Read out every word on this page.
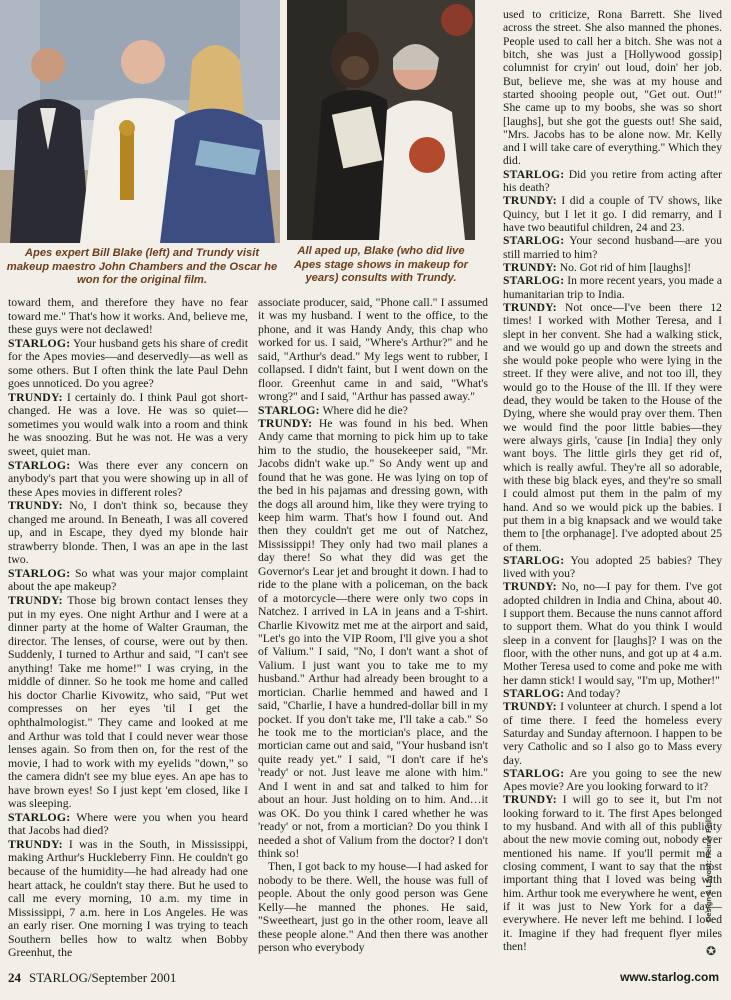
Apes expert Bill Blake (left) and Trundy visit makeup maestro John Chambers and the Oscar he won for the original film.
All aped up, Blake (who did live Apes stage shows in makeup for years) consults with Trundy.

toward them, and therefore they have no fear toward me." That's how it works. And, believe me, these guys were not declawed!

STARLOG: Your husband gets his share of credit for the Apes movies—and deservedly—as well as some others. But I often think the late Paul Dehn goes unnoticed. Do you agree?

TRUNDY: I certainly do. I think Paul got short-changed. He was a love. He was so quiet—sometimes you would walk into a room and think he was snoozing. But he was not. He was a very sweet, quiet man.

STARLOG: Was there ever any concern on anybody's part that you were showing up in all of these Apes movies in different roles?

TRUNDY: No, I don't think so, because they changed me around. In Beneath, I was all covered up, and in Escape, they dyed my blonde hair strawberry blonde. Then, I was an ape in the last two.

STARLOG: So what was your major complaint about the ape makeup?

TRUNDY: Those big brown contact lenses they put in my eyes. One night Arthur and I were at a dinner party at the home of Walter Grauman, the director. The lenses, of course, were out by then. Suddenly, I turned to Arthur and said, "I can't see anything! Take me home!" I was crying, in the middle of dinner. So he took me home and called his doctor Charlie Kivowitz, who said, "Put wet compresses on her eyes 'til I get the ophthalmologist." They came and looked at me and Arthur was told that I could never wear those lenses again. So from then on, for the rest of the movie, I had to work with my eyelids "down," so the camera didn't see my blue eyes. An ape has to have brown eyes! So I just kept 'em closed, like I was sleeping.

STARLOG: Where were you when you heard that Jacobs had died?

TRUNDY: I was in the South, in Mississippi, making Arthur's Huckleberry Finn. He couldn't go because of the humidity—he had already had one heart attack, he couldn't stay there. But he used to call me every morning, 10 a.m. my time in Mississippi, 7 a.m. here in Los Angeles. He was an early riser. One morning I was trying to teach Southern belles how to waltz when Bobby Greenhut, the

associate producer, said, "Phone call." I assumed it was my husband. I went to the office, to the phone, and it was Handy Andy, this chap who worked for us. I said, "Where's Arthur?" and he said, "Arthur's dead." My legs went to rubber, I collapsed. I didn't faint, but I went down on the floor. Greenhut came in and said, "What's wrong?" and I said, "Arthur has passed away."

STARLOG: Where did he die?

TRUNDY: He was found in his bed. When Andy came that morning to pick him up to take him to the studio, the housekeeper said, "Mr. Jacobs didn't wake up." So Andy went up and found that he was gone. He was lying on top of the bed in his pajamas and dressing gown, with the dogs all around him, like they were trying to keep him warm. That's how I found out. And then they couldn't get me out of Natchez, Mississippi! They only had two mail planes a day there! So what they did was get the Governor's Lear jet and brought it down. I had to ride to the plane with a policeman, on the back of a motorcycle—there were only two cops in Natchez. I arrived in LA in jeans and a T-shirt. Charlie Kivowitz met me at the airport and said, "Let's go into the VIP Room, I'll give you a shot of Valium." I said, "No, I don't want a shot of Valium. I just want you to take me to my husband." Arthur had already been brought to a mortician. Charlie hemmed and hawed and I said, "Charlie, I have a hundred-dollar bill in my pocket. If you don't take me, I'll take a cab." So he took me to the mortician's place, and the mortician came out and said, "Your husband isn't quite ready yet." I said, "I don't care if he's 'ready' or not. Just leave me alone with him." And I went in and sat and talked to him for about an hour. Just holding on to him. And…it was OK. Do you think I cared whether he was 'ready' or not, from a mortician? Do you think I needed a shot of Valium from the doctor? I don't think so!

Then, I got back to my house—I had asked for nobody to be there. Well, the house was full of people. About the only good person was Gene Kelly—he manned the phones. He said, "Sweetheart, just go in the other room, leave all these people alone." And then there was another person who everybody

used to criticize, Rona Barrett. She lived across the street. She also manned the phones. People used to call her a bitch. She was not a bitch, she was just a [Hollywood gossip] columnist for cryin' out loud, doin' her job. But, believe me, she was at my house and started shooing people out, "Get out. Out!" She came up to my boobs, she was so short [laughs], but she got the guests out! She said, "Mrs. Jacobs has to be alone now. Mr. Kelly and I will take care of everything." Which they did.

STARLOG: Did you retire from acting after his death?

TRUNDY: I did a couple of TV shows, like Quincy, but I let it go. I did remarry, and I have two beautiful children, 24 and 23.

STARLOG: Your second husband—are you still married to him?

TRUNDY: No. Got rid of him [laughs]!

STARLOG: In more recent years, you made a humanitarian trip to India.

TRUNDY: Not once—I've been there 12 times! I worked with Mother Teresa, and I slept in her convent. She had a walking stick, and we would go up and down the streets and she would poke people who were lying in the street. If they were alive, and not too ill, they would go to the House of the Ill. If they were dead, they would be taken to the House of the Dying, where she would pray over them. Then we would find the poor little babies—they were always girls, 'cause [in India] they only want boys. The little girls they get rid of, which is really awful. They're all so adorable, with these big black eyes, and they're so small I could almost put them in the palm of my hand. And so we would pick up the babies. I put them in a big knapsack and we would take them to [the orphanage]. I've adopted about 25 of them.

STARLOG: You adopted 25 babies? They lived with you?

TRUNDY: No, no—I pay for them. I've got adopted children in India and China, about 40. I support them. Because the nuns cannot afford to support them. What do you think I would sleep in a convent for [laughs]? I was on the floor, with the other nuns, and got up at 4 a.m. Mother Teresa used to come and poke me with her damn stick! I would say, "I'm up, Mother!"

STARLOG: And today?

TRUNDY: I volunteer at church. I spend a lot of time there. I feed the homeless every Saturday and Sunday afternoon. I happen to be very Catholic and so I also go to Mass every day.

STARLOG: Are you going to see the new Apes movie? Are you looking forward to it?

TRUNDY: I will go to see it, but I'm not looking forward to it. The first Apes belonged to my husband. And with all of this publicity about the new movie coming out, nobody ever mentioned his name. If you'll permit me a closing comment, I want to say that the most important thing that I loved was being with him. Arthur took me everywhere he went, even if it was just to New York for a day—everywhere. He never left me behind. I loved it. Imagine if they had frequent flyer miles then!

24 STARLOG/September 2001	www.starlog.com
Design & Layout: Heiner Feil
✪
